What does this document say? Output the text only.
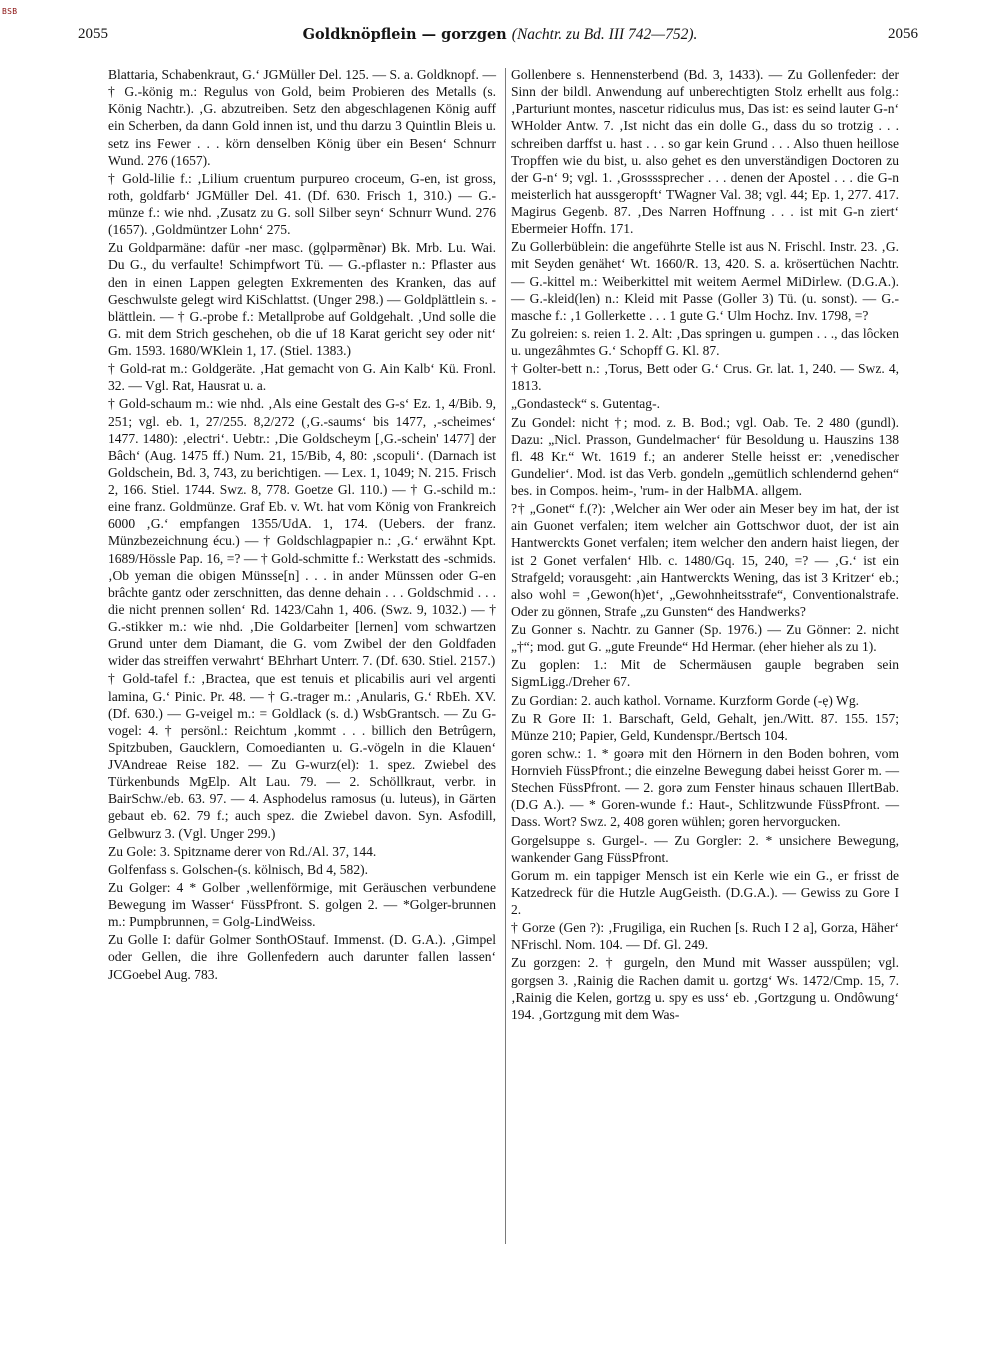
BSB
2055	Goldknöpflein — gorzgen (Nachtr. zu Bd. III 742—752).	2056

Blattaria, Schabenkraut, G.ʻ JGMüller Del. 125. — S. a. Goldknopf. — † G.-könig m.: Regulus von Gold, beim Probieren des Metalls (s. König Nachtr.). ‚G. abzutreiben. Setz den abgeschlagenen König auff ein Scherben, da dann Gold innen ist, und thu darzu 3 Quintlin Bleis u. setz ins Fewer . . . körn denselben König über ein Besenʻ Schnurr Wund. 276 (1657).

† Gold-lilie f.: ‚Lilium cruentum purpureo croceum, G-en, ist gross, roth, goldfarbʻ JGMüller Del. 41. (Df. 630. Frisch 1, 310.) — G.-münze f.: wie nhd. ‚Zusatz zu G. soll Silber seynʻ Schnurr Wund. 276 (1657). ‚Goldmüntzer Lohnʻ 275.

Zu Goldparmäne: dafür -ner masc. (gǫlpərmẽnər) Bk. Mrb. Lu. Wai. Du G., du verfaulte! Schimpfwort Tü. — G.-pflaster n.: Pflaster aus den in einen Lappen gelegten Exkrementen des Kranken, das auf Geschwulste gelegt wird KiSchlattst. (Unger 298.) — Goldplättlein s. -blättlein. — † G.-probe f.: Metallprobe auf Goldgehalt. ‚Und solle die G. mit dem Strich geschehen, ob die uf 18 Karat gericht sey oder nitʻ Gm. 1593. 1680/WKlein 1, 17. (Stiel. 1383.)

† Gold-rat m.: Goldgeräte. ‚Hat gemacht von G. Ain Kalbʻ Kü. Fronl. 32. — Vgl. Rat, Hausrat u. a.

† Gold-schaum m.: wie nhd. ‚Als eine Gestalt des G-sʻ Ez. 1, 4/Bib. 9, 251; vgl. eb. 1, 27/255. 8,2/272 (‚G.-saumsʻ bis 1477, ‚-scheimesʻ 1477. 1480): ‚electriʻ. Uebtr.: ‚Die Goldscheym [‚G.-schein' 1477] der Bâchʻ (Aug. 1475 ff.) Num. 21, 15/Bib, 4, 80: ‚scopuliʻ. (Darnach ist Goldschein, Bd. 3, 743, zu berichtigen. — Lex. 1, 1049; N. 215. Frisch 2, 166. Stiel. 1744. Swz. 8, 778. Goetze Gl. 110.) — † G.-schild m.: eine franz. Goldmünze. Graf Eb. v. Wt. hat vom König von Frankreich 6000 ‚G.ʻ empfangen 1355/UdA. 1, 174. (Uebers. der franz. Münzbezeichnung écu.) — † Goldschlagpapier n.: ‚G.ʻ erwähnt Kpt. 1689/Hössle Pap. 16, =? — † Gold-schmitte f.: Werkstatt des -schmids. ‚Ob yeman die obigen Münsse[n] . . . in ander Münssen oder G-en brâchte gantz oder zerschnitten, das denne dehain . . . Goldschmid . . . die nicht prennen sollenʻ Rd. 1423/Cahn 1, 406. (Swz. 9, 1032.) — † G.-stikker m.: wie nhd. ‚Die Goldarbeiter [lernen] vom schwartzen Grund unter dem Diamant, die G. vom Zwibel der den Goldfaden wider das streiffen verwahrtʻ BEhrhart Unterr. 7. (Df. 630. Stiel. 2157.)

† Gold-tafel f.: ‚Bractea, que est tenuis et plicabilis auri vel argenti lamina, G.ʻ Pinic. Pr. 48. — † G.-trager m.: ‚Anularis, G.ʻ RbEh. XV. (Df. 630.) — G-veigel m.: = Goldlack (s. d.) WsbGrantsch. — Zu G-vogel: 4. † persönl.: Reichtum ‚kommt . . . billich den Betrûgern, Spitzbuben, Gaucklern, Comoedianten u. G.-vögeln in die Klauenʻ JVAndreae Reise 182. — Zu G-wurz(el): 1. spez. Zwiebel des Türkenbunds MgElp. Alt Lau. 79. — 2. Schöllkraut, verbr. in BairSchw./eb. 63. 97. — 4. Asphodelus ramosus (u. luteus), in Gärten gebaut eb. 62. 79 f.; auch spez. die Zwiebel davon. Syn. Asfodill, Gelbwurz 3. (Vgl. Unger 299.)

Zu Gole: 3. Spitzname derer von Rd./Al. 37, 144.

Golfenfass s. Golschen-(s. kölnisch, Bd 4, 582).

Zu Golger: 4 * Golber ‚wellenförmige, mit Geräuschen verbundene Bewegung im Wasserʻ FüssPfront. S. golgen 2. — *Golger-brunnen m.: Pumpbrunnen, = Golg-LindWeiss.

Zu Golle I: dafür Golmer SonthOStauf. Immenst. (D. G.A.). ‚Gimpel oder Gellen, die ihre Gollenfedern auch darunter fallen lassenʻ JCGoebel Aug. 783.

Gollenbere s. Hennensterbend (Bd. 3, 1433). — Zu Gollenfeder: der Sinn der bildl. Anwendung auf unberechtigten Stolz erhellt aus folg.: ‚Parturiunt montes, nascetur ridiculus mus, Das ist: es seind lauter G-nʻ WHolder Antw. 7. ‚Ist nicht das ein dolle G., dass du so trotzig . . . schreiben darffst u. hast . . . so gar kein Grund . . . Also thuen heillose Tropffen wie du bist, u. also gehet es den unverständigen Doctoren zu der G-nʻ 9; vgl. 1. ‚Grossssprecher . . . denen der Apostel . . . die G-n meisterlich hat aussgeropftʻ TWagner Val. 38; vgl. 44; Ep. 1, 277. 417. Magirus Gegenb. 87. ‚Des Narren Hoffnung . . . ist mit G-n ziertʻ Ebermeier Hoffn. 171.

Zu Gollerbüblein: die angeführte Stelle ist aus N. Frischl. Instr. 23. ‚G. mit Seyden genähetʻ Wt. 1660/R. 13, 420. S. a. krösertüchen Nachtr. — G.-kittel m.: Weiberkittel mit weitem Aermel MiDirlew. (D.G.A.). — G.-kleid(len) n.: Kleid mit Passe (Goller 3) Tü. (u. sonst). — G.-masche f.: ‚1 Gollerkette . . . 1 gute G.ʻ Ulm Hochz. Inv. 1798, =?

Zu golreien: s. reien 1. 2. Alt: ‚Das springen u. gumpen . . ., das lôcken u. ungezâhmtes G.ʻ Schopff G. Kl. 87.

† Golter-bett n.: ‚Torus, Bett oder G.ʻ Crus. Gr. lat. 1, 240. — Swz. 4, 1813.

„Gondasteck“ s. Gutentag-.

Zu Gondel: nicht †; mod. z. B. Bod.; vgl. Oab. Te. 2 480 (gundl). Dazu: „Nicl. Prasson, Gundelmacherʻ für Besoldung u. Hauszins 138 fl. 48 Kr.“ Wt. 1619 f.; an anderer Stelle heisst er: ‚venedischer Gundelierʻ. Mod. ist das Verb. gondeln „gemütlich schlendernd gehen“ bes. in Compos. heim-, 'rum- in der HalbMA. allgem.

?† „Gonet“ f.(?): ‚Welcher ain Wer oder ain Meser bey im hat, der ist ain Guonet verfalen; item welcher ain Gottschwor duot, der ist ain Hantwerckts Gonet verfalen; item welcher den andern haist liegen, der ist 2 Gonet verfalenʻ Hlb. c. 1480/Gq. 15, 240, =? — ‚G.ʻ ist ein Strafgeld; vorausgeht: ‚ain Hantwerckts Wening, das ist 3 Kritzerʻ eb.; also wohl = ‚Gewon(h)etʻ, „Gewohnheitsstrafe“, Conventionalstrafe. Oder zu gönnen, Strafe „zu Gunsten“ des Handwerks?

Zu Gonner s. Nachtr. zu Ganner (Sp. 1976.) — Zu Gönner: 2. nicht „†“; mod. gut G. „gute Freunde“ Hd Hermar. (eher hieher als zu 1).

Zu goplen: 1.: Mit de Schermäusen gauple begraben sein SigmLigg./Dreher 67.

Zu Gordian: 2. auch kathol. Vorname. Kurzform Gorde (-ẹ) Wg.

Zu R Gore II: 1. Barschaft, Geld, Gehalt, jen./Witt. 87. 155. 157; Münze 210; Papier, Geld, Kundenspr./Bertsch 104.

goren schw.: 1. * goərə mit den Hörnern in den Boden bohren, vom Hornvieh FüssPfront.; die einzelne Bewegung dabei heisst Gorer m. — Stechen FüssPfront. — 2. gorə zum Fenster hinaus schauen IllertBab. (D.G A.). — * Goren-wunde f.: Haut-, Schlitzwunde FüssPfront. — Dass. Wort? Swz. 2, 408 goren wühlen; goren hervorgucken.

Gorgelsuppe s. Gurgel-. — Zu Gorgler: 2. * unsichere Bewegung, wankender Gang FüssPfront.

Gorum m. ein tappiger Mensch ist ein Kerle wie ein G., er frisst de Katzedreck für die Hutzle AugGeisth. (D.G.A.). — Gewiss zu Gore I 2.

† Gorze (Gen ?): ‚Frugiliga, ein Ruchen [s. Ruch I 2 a], Gorza, Häherʻ NFrischl. Nom. 104. — Df. Gl. 249.

Zu gorzgen: 2. † gurgeln, den Mund mit Wasser ausspülen; vgl. gorgsen 3. ‚Rainig die Rachen damit u. gortzgʻ Ws. 1472/Cmp. 15, 7. ‚Rainig die Kelen, gortzg u. spy es ussʻ eb. ‚Gortzgung u. Ondôwungʻ 194. ‚Gortzgung mit dem Was-
